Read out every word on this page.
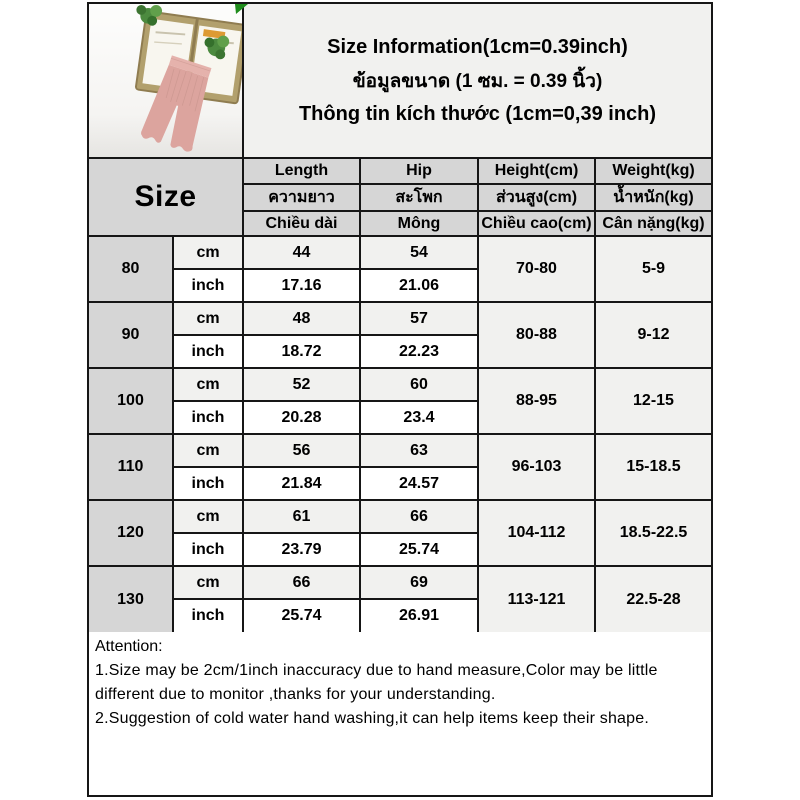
Size Information(1cm=0.39inch)
ข้อมูลขนาด (1 ซม. = 0.39 นิ้ว)
Thông tin kích thước (1cm=0,39 inch)
Size		Length	Hip	Height(cm)	Weight(kg)
		ความยาว	สะโพก	ส่วนสูง(cm)	น้ำหนัก(kg)
		Chiều dài	Mông	Chiều cao(cm)	Cân nặng(kg)
80	cm	44	54	70-80	5-9
	inch	17.16	21.06		
90	cm	48	57	80-88	9-12
	inch	18.72	22.23		
100	cm	52	60	88-95	12-15
	inch	20.28	23.4		
110	cm	56	63	96-103	15-18.5
	inch	21.84	24.57		
120	cm	61	66	104-112	18.5-22.5
	inch	23.79	25.74		
130	cm	66	69	113-121	22.5-28
	inch	25.74	26.91		
Attention:
1.Size may be 2cm/1inch inaccuracy due to hand measure,Color may be little different due to monitor ,thanks for your understanding.
2.Suggestion of cold water hand washing,it can help items keep their shape.
